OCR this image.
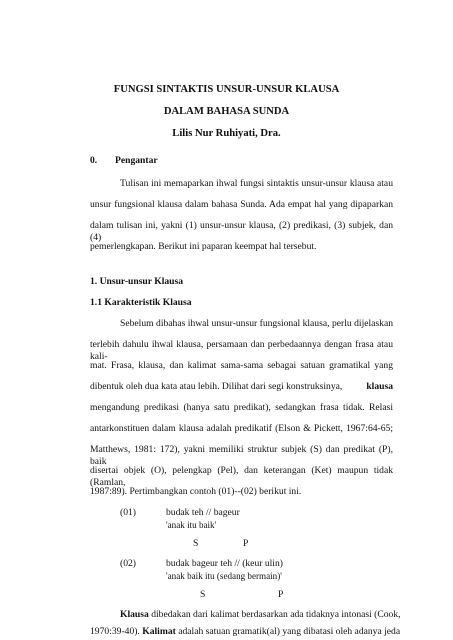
FUNGSI SINTAKTIS UNSUR-UNSUR KLAUSA
DALAM BAHASA SUNDA
Lilis Nur Ruhiyati, Dra.
0. Pengantar
Tulisan ini memaparkan ihwal fungsi sintaktis unsur-unsur klausa atau
unsur fungsional klausa dalam bahasa Sunda. Ada empat hal yang dipaparkan
dalam tulisan ini, yakni (1) unsur-unsur klausa, (2) predikasi, (3) subjek, dan (4)
pemerlengkapan. Berikut ini paparan keempat hal tersebut.
1. Unsur-unsur Klausa
1.1 Karakteristik Klausa
Sebelum dibahas ihwal unsur-unsur fungsional klausa, perlu dijelaskan
terlebih dahulu ihwal klausa, persamaan dan perbedaannya dengan frasa atau kali-
mat. Frasa, klausa, dan kalimat sama-sama sebagai satuan gramatikal yang
dibentuk oleh dua kata atau lebih. Dilihat dari segi konstruksinya,	klausa
mengandung predikasi (hanya satu predikat), sedangkan frasa tidak. Relasi
antarkonstituen dalam klausa adalah predikatif (Elson & Pickett, 1967:64-65;
Matthews, 1981: 172), yakni memiliki struktur subjek (S) dan predikat (P), baik
disertai objek (O), pelengkap (Pel), dan keterangan (Ket) maupun tidak (Ramlan,
1987:89). Pertimbangkan contoh (01)--(02) berikut ini.
(01)	budak teh // bageur
'anak itu baik'
S	P
(02)	budak bageur teh // (keur ulin)
'anak baik itu (sedang bermain)'
S	P
Klausa dibedakan dari kalimat berdasarkan ada tidaknya intonasi (Cook,
1970:39-40). Kalimat adalah satuan gramatik(al) yang dibatasi oleh adanya jeda
